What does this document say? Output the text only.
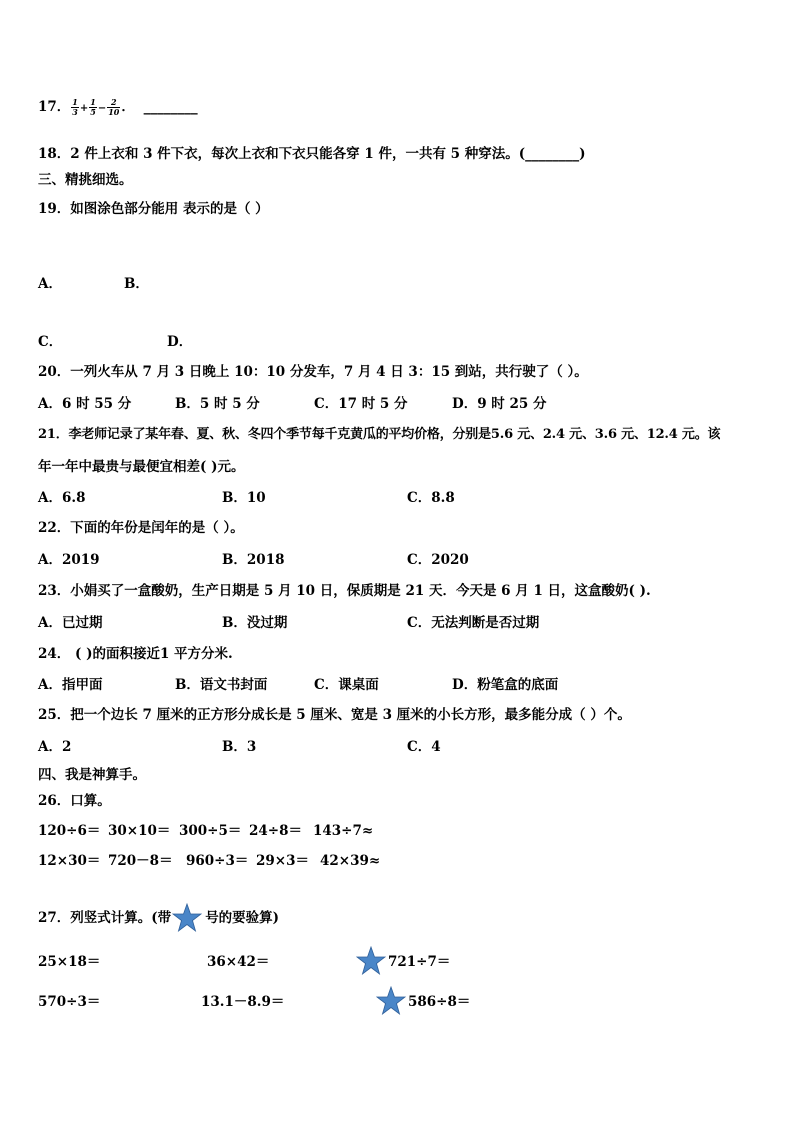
17． $\frac{1}{3} + \frac{1}{5} - \frac{2}{10}$ ． ________
18．2 件上衣和 3 件下衣，每次上衣和下衣只能各穿 1 件，一共有 5 种穿法。(________)
三、精挑细选。
19．如图涂色部分能用 表示的是（ ）
A．	B．
C．	D．
20．一列火车从 7 月 3 日晚上 10：10 分发车，7 月 4 日 3：15 到站，共行驶了（ ）。
A．6 时 55 分	B．5 时 5 分	C．17 时 5 分	D．9 时 25 分
21．李老师记录了某年春、夏、秋、冬四个季节每千克黄瓜的平均价格，分别是5.6 元、2.4 元、3.6 元、12.4 元。该
年一年中最贵与最便宜相差( )元。
A．6.8	B．10	C．8.8
22．下面的年份是闰年的是（ ）。
A．2019	B．2018	C．2020
23．小娟买了一盒酸奶，生产日期是 5 月 10 日，保质期是 21 天．今天是 6 月 1 日，这盒酸奶( ).
A．已过期	B．没过期	C．无法判断是否过期
24． ( )的面积接近1 平方分米.
A．指甲面	B．语文书封面	C．课桌面	D．粉笔盒的底面
25．把一个边长 7 厘米的正方形分成长是 5 厘米、宽是 3 厘米的小长方形，最多能分成（ ）个。
A．2	B．3	C．4
四、我是神算手。
26．口算。
120÷6＝ 30×10＝ 300÷5＝ 24÷8＝ 143÷7≈
12×30＝ 720－8＝ 960÷3＝ 29×3＝ 42×39≈
27．列竖式计算。(带	号的要验算)
25×18＝	36×42＝	721÷7＝
570÷3＝	13.1－8.9＝	586÷8＝
